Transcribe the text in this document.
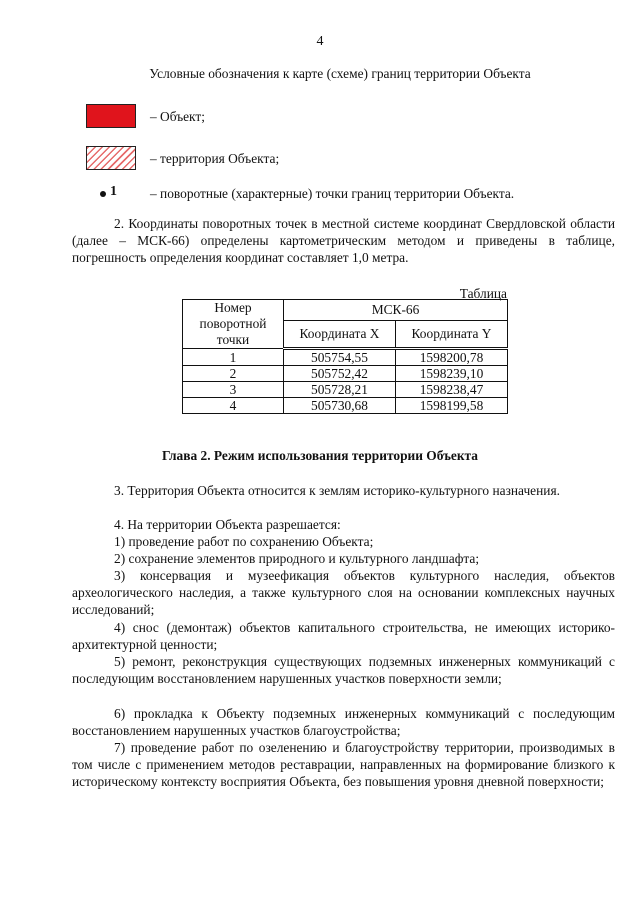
4
Условные обозначения к карте (схеме) границ территории Объекта
– Объект;
– территория Объекта;
1 – поворотные (характерные) точки границ территории Объекта.
2. Координаты поворотных точек в местной системе координат Свердловской области (далее – МСК-66) определены картометрическим методом и приведены в таблице, погрешность определения координат составляет 1,0 метра.
Таблица
Номер поворотной точки	МСК-66	
	Координата X	Координата Y
1	505754,55	1598200,78
2	505752,42	1598239,10
3	505728,21	1598238,47
4	505730,68	1598199,58
Глава 2. Режим использования территории Объекта
3. Территория Объекта относится к землям историко-культурного назначения.
4. На территории Объекта разрешается:
1) проведение работ по сохранению Объекта;
2) сохранение элементов природного и культурного ландшафта;
3) консервация и музеефикация объектов культурного наследия, объектов археологического наследия, а также культурного слоя на основании комплексных научных исследований;
4) снос (демонтаж) объектов капитального строительства, не имеющих историко-архитектурной ценности;
5) ремонт, реконструкция существующих подземных инженерных коммуникаций с последующим восстановлением нарушенных участков поверхности земли;
6) прокладка к Объекту подземных инженерных коммуникаций с последующим восстановлением нарушенных участков благоустройства;
7) проведение работ по озеленению и благоустройству территории, производимых в том числе с применением методов реставрации, направленных на формирование близкого к историческому контексту восприятия Объекта, без повышения уровня дневной поверхности;
